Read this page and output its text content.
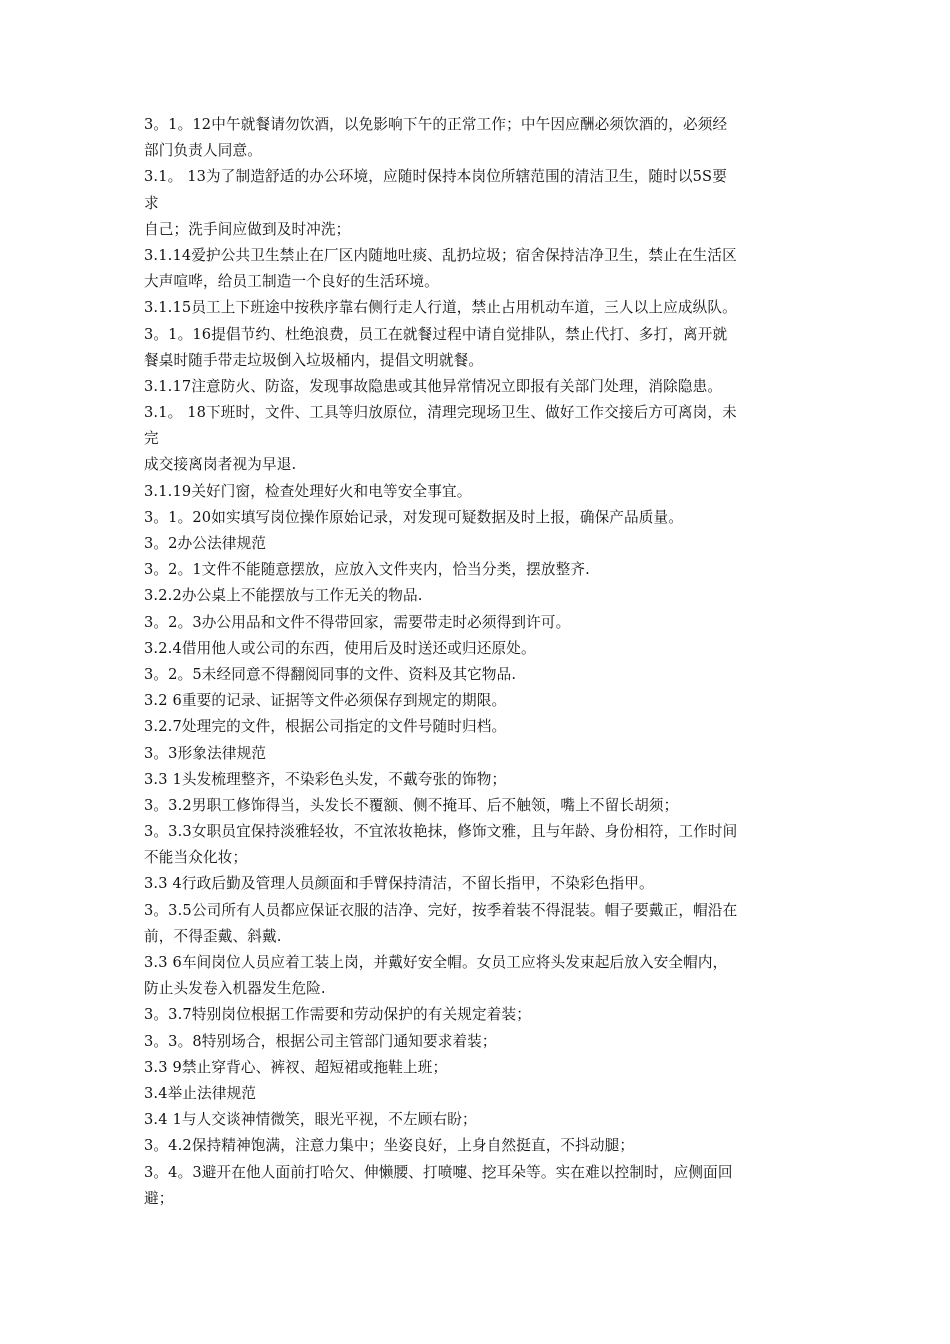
3。1。12中午就餐请勿饮酒，以免影响下午的正常工作；中午因应酬必须饮酒的，必须经
部门负责人同意。
3.1。 13为了制造舒适的办公环境，应随时保持本岗位所辖范围的清洁卫生，随时以5S要
求
自己；洗手间应做到及时冲洗；
3.1.14爱护公共卫生禁止在厂区内随地吐痰、乱扔垃圾；宿舍保持洁净卫生，禁止在生活区
大声喧哗，给员工制造一个良好的生活环境。
3.1.15员工上下班途中按秩序靠右侧行走人行道，禁止占用机动车道，三人以上应成纵队。
3。1。16提倡节约、杜绝浪费，员工在就餐过程中请自觉排队，禁止代打、多打，离开就
餐桌时随手带走垃圾倒入垃圾桶内，提倡文明就餐。
3.1.17注意防火、防盗，发现事故隐患或其他异常情况立即报有关部门处理，消除隐患。
3.1。 18下班时，文件、工具等归放原位，清理完现场卫生、做好工作交接后方可离岗，未
完
成交接离岗者视为早退.
3.1.19关好门窗，检查处理好火和电等安全事宜。
3。1。20如实填写岗位操作原始记录，对发现可疑数据及时上报，确保产品质量。
3。2办公法律规范
3。2。1文件不能随意摆放，应放入文件夹内，恰当分类，摆放整齐.
3.2.2办公桌上不能摆放与工作无关的物品.
3。2。3办公用品和文件不得带回家，需要带走时必须得到许可。
3.2.4借用他人或公司的东西，使用后及时送还或归还原处。
3。2。5未经同意不得翻阅同事的文件、资料及其它物品.
3.2 6重要的记录、证据等文件必须保存到规定的期限。
3.2.7处理完的文件，根据公司指定的文件号随时归档。
3。3形象法律规范
3.3 1头发梳理整齐，不染彩色头发，不戴夸张的饰物；
3。3.2男职工修饰得当，头发长不覆额、侧不掩耳、后不触领，嘴上不留长胡须；
3。3.3女职员宜保持淡雅轻妆，不宜浓妆艳抹，修饰文雅，且与年龄、身份相符，工作时间
不能当众化妆；
3.3 4行政后勤及管理人员颜面和手臂保持清洁，不留长指甲，不染彩色指甲。
3。3.5公司所有人员都应保证衣服的洁净、完好，按季着装不得混装。帽子要戴正，帽沿在
前，不得歪戴、斜戴.
3.3 6车间岗位人员应着工装上岗，并戴好安全帽。女员工应将头发束起后放入安全帽内，
防止头发卷入机器发生危险.
3。3.7特别岗位根据工作需要和劳动保护的有关规定着装；
3。3。8特别场合，根据公司主管部门通知要求着装；
3.3 9禁止穿背心、裤衩、超短裙或拖鞋上班；
3.4举止法律规范
3.4 1与人交谈神情微笑，眼光平视，不左顾右盼；
3。4.2保持精神饱满，注意力集中；坐姿良好，上身自然挺直，不抖动腿；
3。4。3避开在他人面前打哈欠、伸懒腰、打喷嚏、挖耳朵等。实在难以控制时，应侧面回
避；
